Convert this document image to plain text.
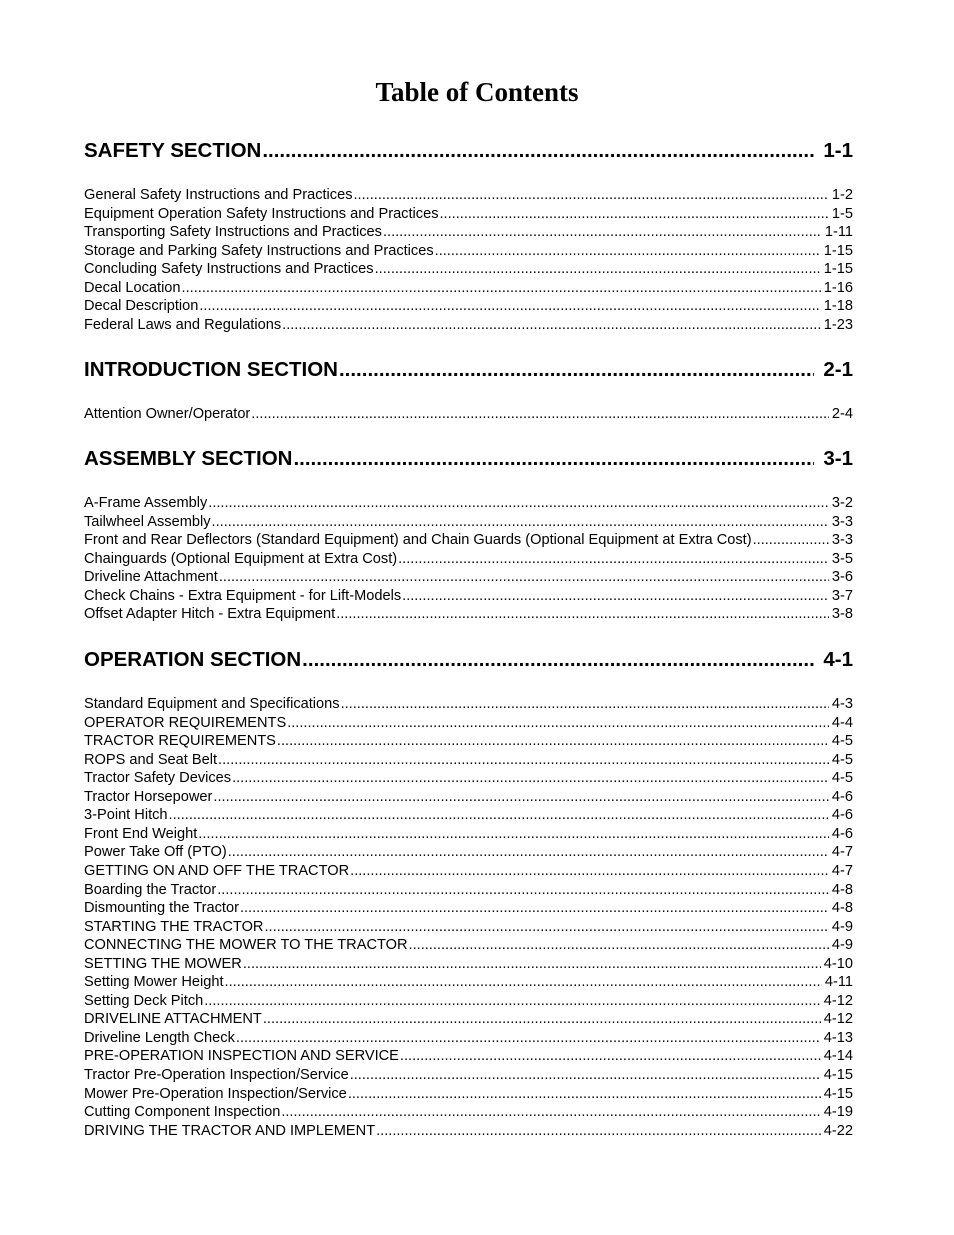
Table of Contents
SAFETY SECTION .....	1-1
General Safety Instructions and Practices .....	1-2
Equipment Operation Safety Instructions and Practices .....	1-5
Transporting Safety Instructions and Practices .....	1-11
Storage and Parking Safety Instructions and Practices .....	1-15
Concluding Safety Instructions and Practices .....	1-15
Decal Location .....	1-16
Decal Description .....	1-18
Federal Laws and Regulations .....	1-23
INTRODUCTION SECTION .....	2-1
Attention Owner/Operator .....	2-4
ASSEMBLY SECTION .....	3-1
A-Frame Assembly .....	3-2
Tailwheel Assembly .....	3-3
Front and Rear Deflectors (Standard Equipment) and Chain Guards (Optional Equipment at Extra Cost) .....	3-3
Chainguards (Optional Equipment at Extra Cost) .....	3-5
Driveline Attachment .....	3-6
Check Chains - Extra Equipment - for Lift-Models .....	3-7
Offset Adapter Hitch - Extra Equipment .....	3-8
OPERATION SECTION .....	4-1
Standard Equipment and Specifications .....	4-3
OPERATOR REQUIREMENTS .....	4-4
TRACTOR REQUIREMENTS .....	4-5
ROPS and Seat Belt .....	4-5
Tractor Safety Devices .....	4-5
Tractor Horsepower .....	4-6
3-Point Hitch .....	4-6
Front End Weight .....	4-6
Power Take Off (PTO) .....	4-7
GETTING ON AND OFF THE TRACTOR .....	4-7
Boarding the Tractor .....	4-8
Dismounting the Tractor .....	4-8
STARTING THE TRACTOR .....	4-9
CONNECTING THE MOWER TO THE TRACTOR .....	4-9
SETTING THE MOWER .....	4-10
Setting Mower Height .....	4-11
Setting Deck Pitch .....	4-12
DRIVELINE ATTACHMENT .....	4-12
Driveline Length Check .....	4-13
PRE-OPERATION INSPECTION AND SERVICE .....	4-14
Tractor Pre-Operation Inspection/Service .....	4-15
Mower Pre-Operation Inspection/Service .....	4-15
Cutting Component Inspection .....	4-19
DRIVING THE TRACTOR AND IMPLEMENT .....	4-22
